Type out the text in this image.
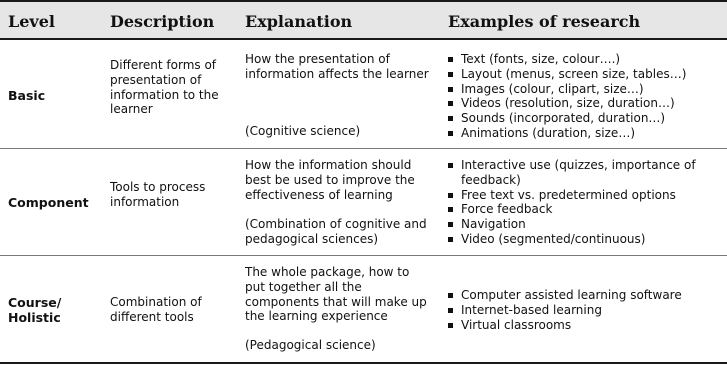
Level	Description Explanation	Examples of research
Basic
Different forms of presentation of information to the learner
How the presentation of information affects the learner
(Cognitive science)
Text (fonts, size, colour….)
Layout (menus, screen size, tables…)
Images (colour, clipart, size…)
Videos (resolution, size, duration…)
Sounds (incorporated, duration…)
Animations (duration, size…)
Component
Tools to process information
How the information should best be used to improve the effectiveness of learning
(Combination of cognitive and pedagogical sciences)
Interactive use (quizzes, importance of feedback)
Free text vs. predetermined options
Force feedback
Navigation
Video (segmented/continuous)
Course/ Holistic
Combination of different tools
The whole package, how to put together all the components that will make up the learning experience
(Pedagogical science)
Computer assisted learning software
Internet-based learning
Virtual classrooms
